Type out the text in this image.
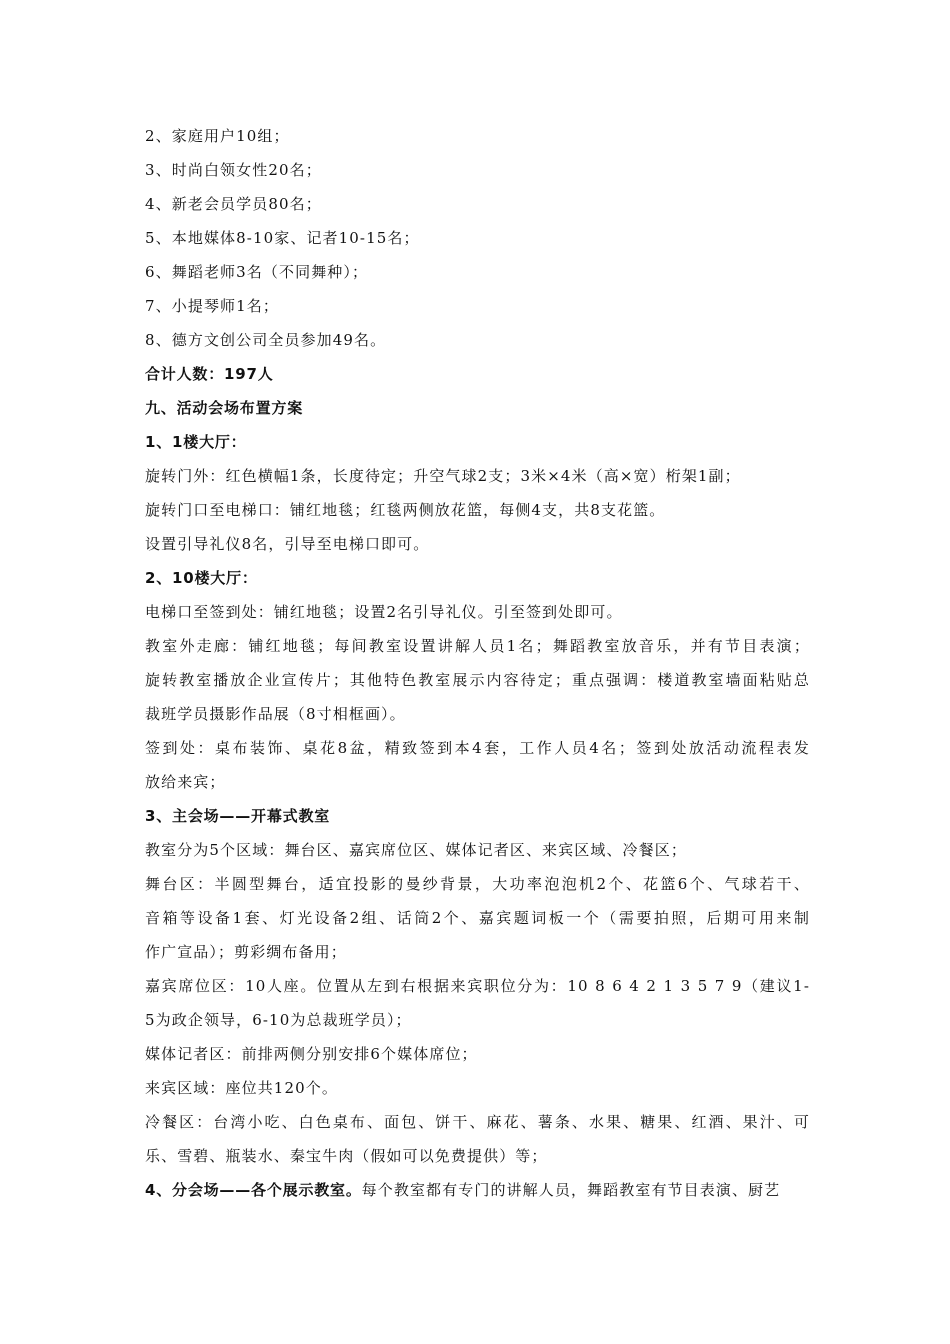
2、家庭用户10组；
3、时尚白领女性20名；
4、新老会员学员80名；
5、本地媒体8-10家、记者10-15名；
6、舞蹈老师3名（不同舞种）；
7、小提琴师1名；
8、德方文创公司全员参加49名。
合计人数：197人
九、活动会场布置方案
1、1楼大厅：
旋转门外：红色横幅1条，长度待定；升空气球2支；3米×4米（高×宽）桁架1副；
旋转门口至电梯口：铺红地毯；红毯两侧放花篮，每侧4支，共8支花篮。
设置引导礼仪8名，引导至电梯口即可。
2、10楼大厅：
电梯口至签到处：铺红地毯；设置2名引导礼仪。引至签到处即可。
教室外走廊：铺红地毯；每间教室设置讲解人员1名；舞蹈教室放音乐，并有节目表演；
旋转教室播放企业宣传片；其他特色教室展示内容待定；重点强调：楼道教室墙面粘贴总
裁班学员摄影作品展（8寸相框画）。
签到处：桌布装饰、桌花8盆，精致签到本4套，工作人员4名；签到处放活动流程表发
放给来宾；
3、主会场——开幕式教室
教室分为5个区域：舞台区、嘉宾席位区、媒体记者区、来宾区域、冷餐区；
舞台区：半圆型舞台，适宜投影的曼纱背景，大功率泡泡机2个、花篮6个、气球若干、
音箱等设备1套、灯光设备2组、话筒2个、嘉宾题词板一个（需要拍照，后期可用来制
作广宣品）；剪彩绸布备用；
嘉宾席位区：10人座。位置从左到右根据来宾职位分为：10 8 6 4 2 1 3 5 7 9（建议1-
5为政企领导，6-10为总裁班学员）；
媒体记者区：前排两侧分别安排6个媒体席位；
来宾区域：座位共120个。
冷餐区：台湾小吃、白色桌布、面包、饼干、麻花、薯条、水果、糖果、红酒、果汁、可
乐、雪碧、瓶装水、秦宝牛肉（假如可以免费提供）等；
4、分会场——各个展示教室。每个教室都有专门的讲解人员，舞蹈教室有节目表演、厨艺
